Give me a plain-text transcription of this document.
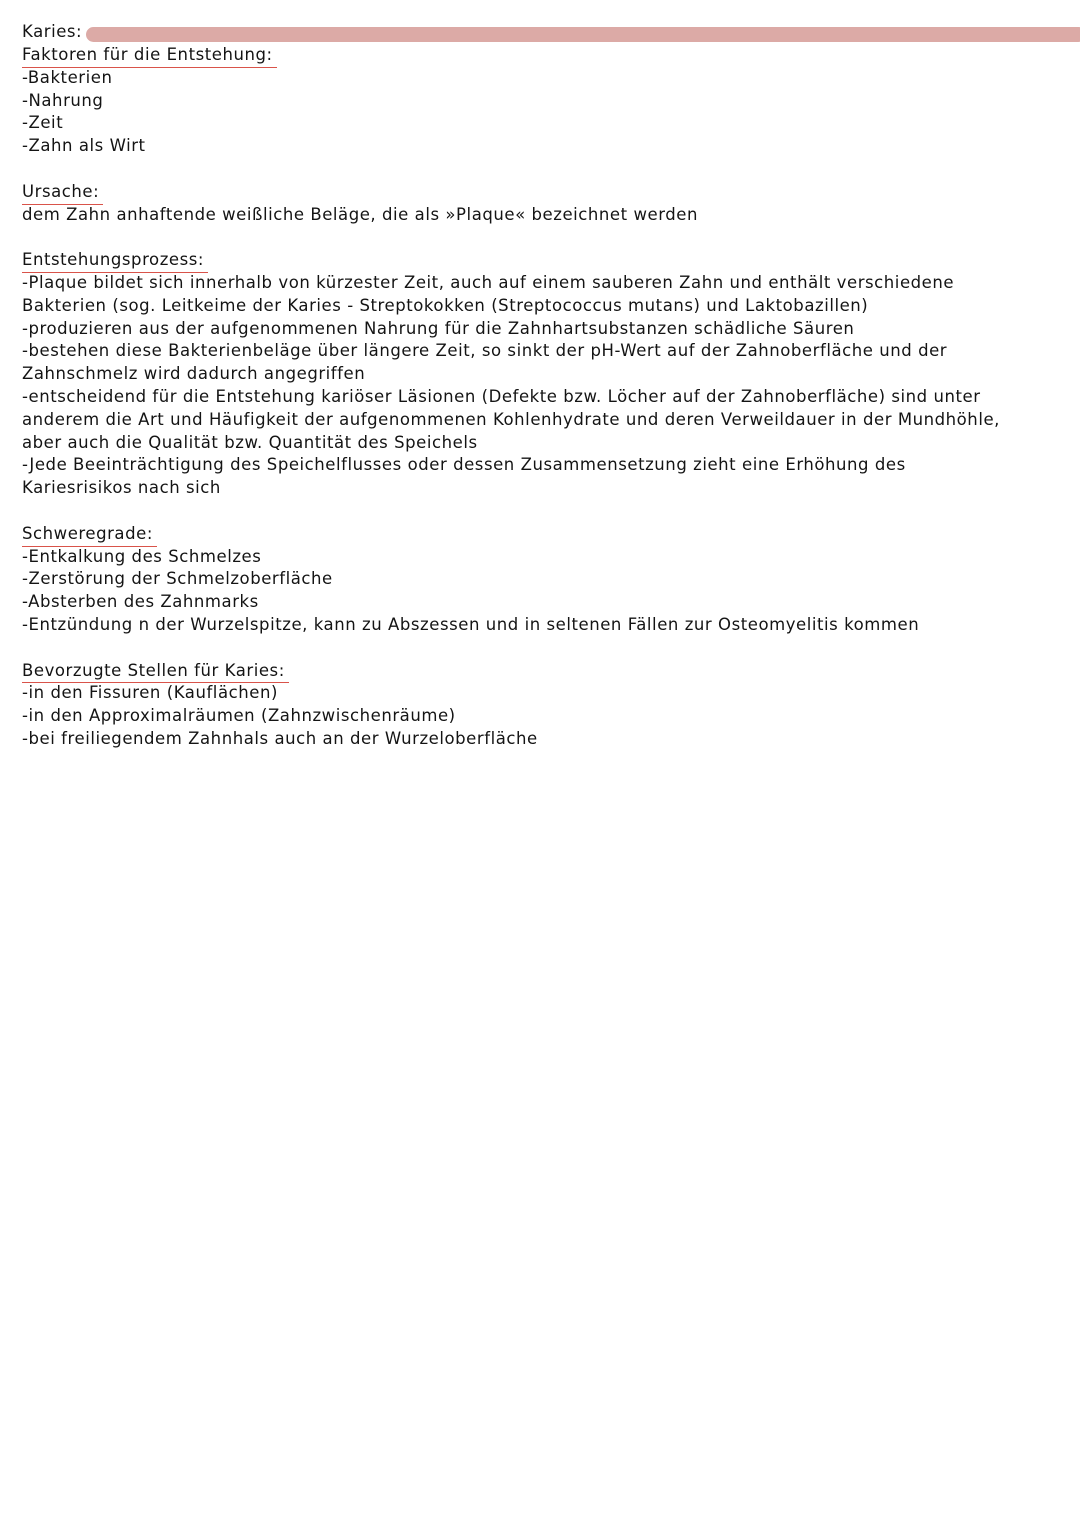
Karies:
Faktoren für die Entstehung:
-Bakterien
-Nahrung
-Zeit
-Zahn als Wirt
Ursache:
dem Zahn anhaftende weißliche Beläge, die als »Plaque« bezeichnet werden
Entstehungsprozess:
-Plaque bildet sich innerhalb von kürzester Zeit, auch auf einem sauberen Zahn und enthält verschiedene
Bakterien (sog. Leitkeime der Karies - Streptokokken (Streptococcus mutans) und Laktobazillen)
-produzieren aus der aufgenommenen Nahrung für die Zahnhartsubstanzen schädliche Säuren
-bestehen diese Bakterienbeläge über längere Zeit, so sinkt der pH-Wert auf der Zahnoberfläche und der
Zahnschmelz wird dadurch angegriffen
-entscheidend für die Entstehung kariöser Läsionen (Defekte bzw. Löcher auf der Zahnoberfläche) sind unter
anderem die Art und Häufigkeit der aufgenommenen Kohlenhydrate und deren Verweildauer in der Mundhöhle,
aber auch die Qualität bzw. Quantität des Speichels
-Jede Beeinträchtigung des Speichelflusses oder dessen Zusammensetzung zieht eine Erhöhung des
Kariesrisikos nach sich
Schweregrade:
-Entkalkung des Schmelzes
-Zerstörung der Schmelzoberfläche
-Absterben des Zahnmarks
-Entzündung n der Wurzelspitze, kann zu Abszessen und in seltenen Fällen zur Osteomyelitis kommen
Bevorzugte Stellen für Karies:
-in den Fissuren (Kauflächen)
-in den Approximalräumen (Zahnzwischenräume)
-bei freiliegendem Zahnhals auch an der Wurzeloberfläche
